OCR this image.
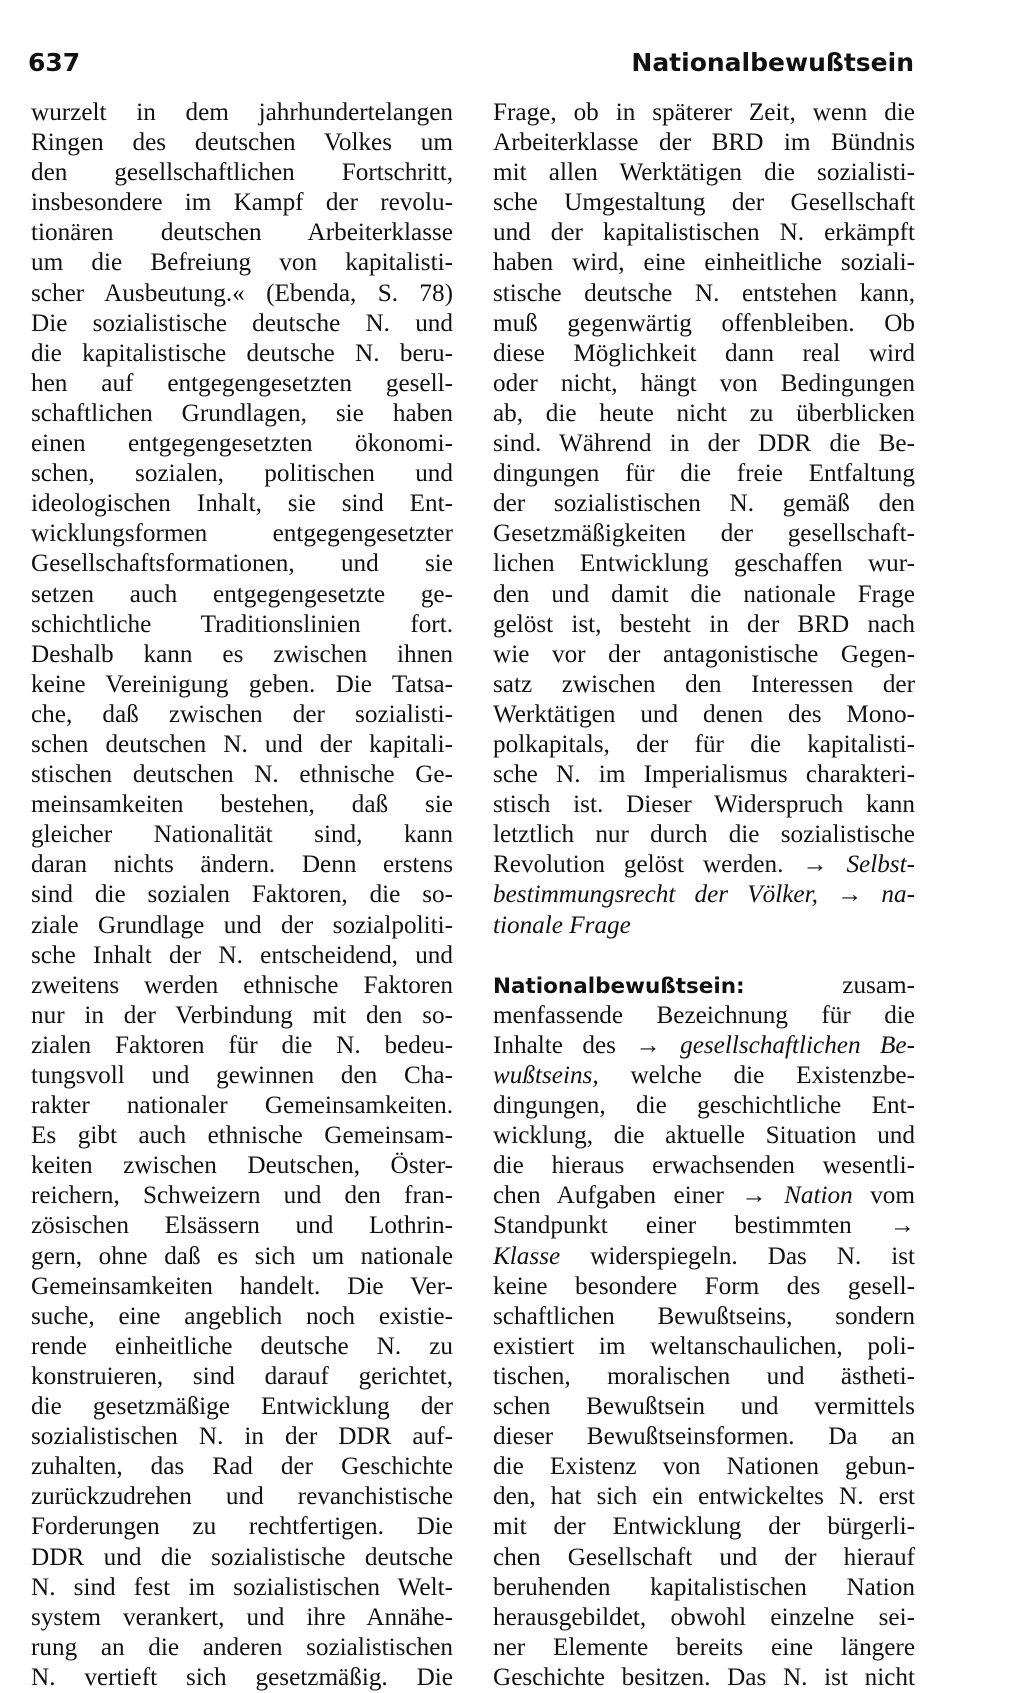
637	Nationalbewußtsein
wurzelt in dem jahrhundertelangen
Ringen des deutschen Volkes um
den gesellschaftlichen Fortschritt,
insbesondere im Kampf der revolu-
tionären deutschen Arbeiterklasse
um die Befreiung von kapitalisti-
scher Ausbeutung.« (Ebenda, S. 78)
Die sozialistische deutsche N. und
die kapitalistische deutsche N. beru-
hen auf entgegengesetzten gesell-
schaftlichen Grundlagen, sie haben
einen entgegengesetzten ökonomi-
schen, sozialen, politischen und
ideologischen Inhalt, sie sind Ent-
wicklungsformen entgegengesetzter
Gesellschaftsformationen, und sie
setzen auch entgegengesetzte ge-
schichtliche Traditionslinien fort.
Deshalb kann es zwischen ihnen
keine Vereinigung geben. Die Tatsa-
che, daß zwischen der sozialisti-
schen deutschen N. und der kapitali-
stischen deutschen N. ethnische Ge-
meinsamkeiten bestehen, daß sie
gleicher Nationalität sind, kann
daran nichts ändern. Denn erstens
sind die sozialen Faktoren, die so-
ziale Grundlage und der sozialpoliti-
sche Inhalt der N. entscheidend, und
zweitens werden ethnische Faktoren
nur in der Verbindung mit den so-
zialen Faktoren für die N. bedeu-
tungsvoll und gewinnen den Cha-
rakter nationaler Gemeinsamkeiten.
Es gibt auch ethnische Gemeinsam-
keiten zwischen Deutschen, Öster-
reichern, Schweizern und den fran-
zösischen Elsässern und Lothrin-
gern, ohne daß es sich um nationale
Gemeinsamkeiten handelt. Die Ver-
suche, eine angeblich noch existie-
rende einheitliche deutsche N. zu
konstruieren, sind darauf gerichtet,
die gesetzmäßige Entwicklung der
sozialistischen N. in der DDR auf-
zuhalten, das Rad der Geschichte
zurückzudrehen und revanchistische
Forderungen zu rechtfertigen. Die
DDR und die sozialistische deutsche
N. sind fest im sozialistischen Welt-
system verankert, und ihre Annähe-
rung an die anderen sozialistischen
N. vertieft sich gesetzmäßig. Die
Frage, ob in späterer Zeit, wenn die
Arbeiterklasse der BRD im Bündnis
mit allen Werktätigen die sozialisti-
sche Umgestaltung der Gesellschaft
und der kapitalistischen N. erkämpft
haben wird, eine einheitliche soziali-
stische deutsche N. entstehen kann,
muß gegenwärtig offenbleiben. Ob
diese Möglichkeit dann real wird
oder nicht, hängt von Bedingungen
ab, die heute nicht zu überblicken
sind. Während in der DDR die Be-
dingungen für die freie Entfaltung
der sozialistischen N. gemäß den
Gesetzmäßigkeiten der gesellschaft-
lichen Entwicklung geschaffen wur-
den und damit die nationale Frage
gelöst ist, besteht in der BRD nach
wie vor der antagonistische Gegen-
satz zwischen den Interessen der
Werktätigen und denen des Mono-
polkapitals, der für die kapitalisti-
sche N. im Imperialismus charakteri-
stisch ist. Dieser Widerspruch kann
letztlich nur durch die sozialistische
Revolution gelöst werden. → Selbst-
bestimmungsrecht der Völker, → na-
tionale Frage
Nationalbewußtsein: zusam-
menfassende Bezeichnung für die
Inhalte des → gesellschaftlichen Be-
wußtseins, welche die Existenzbe-
dingungen, die geschichtliche Ent-
wicklung, die aktuelle Situation und
die hieraus erwachsenden wesentli-
chen Aufgaben einer → Nation vom
Standpunkt einer bestimmten →
Klasse widerspiegeln. Das N. ist
keine besondere Form des gesell-
schaftlichen Bewußtseins, sondern
existiert im weltanschaulichen, poli-
tischen, moralischen und ästheti-
schen Bewußtsein und vermittels
dieser Bewußtseinsformen. Da an
die Existenz von Nationen gebun-
den, hat sich ein entwickeltes N. erst
mit der Entwicklung der bürgerli-
chen Gesellschaft und der hierauf
beruhenden kapitalistischen Nation
herausgebildet, obwohl einzelne sei-
ner Elemente bereits eine längere
Geschichte besitzen. Das N. ist nicht
